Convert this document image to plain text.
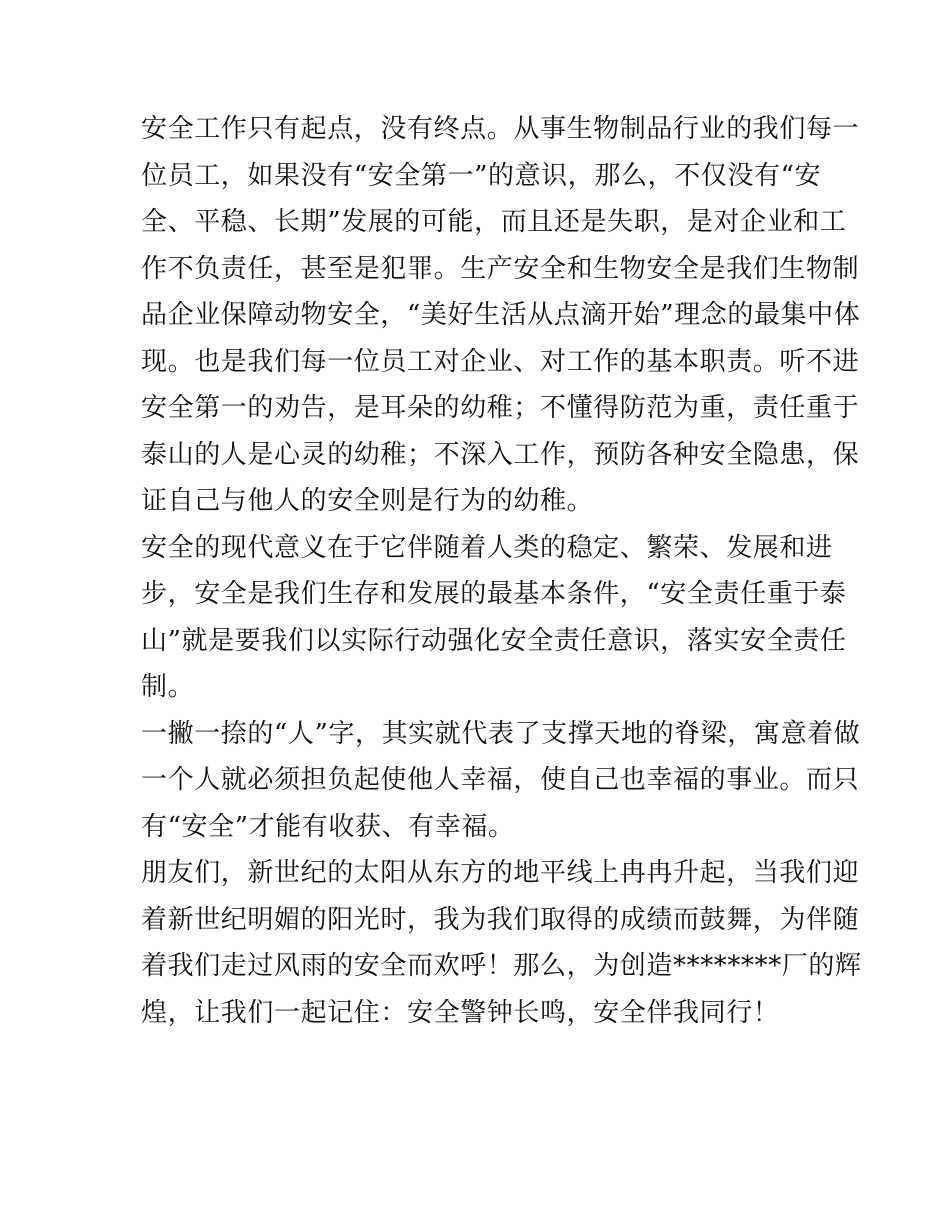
安全工作只有起点，没有终点。从事生物制品行业的我们每一
位员工，如果没有“安全第一”的意识，那么，不仅没有“安
全、平稳、长期”发展的可能，而且还是失职，是对企业和工
作不负责任，甚至是犯罪。生产安全和生物安全是我们生物制
品企业保障动物安全，“美好生活从点滴开始”理念的最集中体
现。也是我们每一位员工对企业、对工作的基本职责。听不进
安全第一的劝告，是耳朵的幼稚；不懂得防范为重，责任重于
泰山的人是心灵的幼稚；不深入工作，预防各种安全隐患，保
证自己与他人的安全则是行为的幼稚。
安全的现代意义在于它伴随着人类的稳定、繁荣、发展和进
步，安全是我们生存和发展的最基本条件，“安全责任重于泰
山”就是要我们以实际行动强化安全责任意识，落实安全责任
制。
一撇一捺的“人”字，其实就代表了支撑天地的脊梁，寓意着做
一个人就必须担负起使他人幸福，使自己也幸福的事业。而只
有“安全”才能有收获、有幸福。
朋友们，新世纪的太阳从东方的地平线上冉冉升起，当我们迎
着新世纪明媚的阳光时，我为我们取得的成绩而鼓舞，为伴随
着我们走过风雨的安全而欢呼！那么，为创造********厂的辉
煌，让我们一起记住：安全警钟长鸣，安全伴我同行！
